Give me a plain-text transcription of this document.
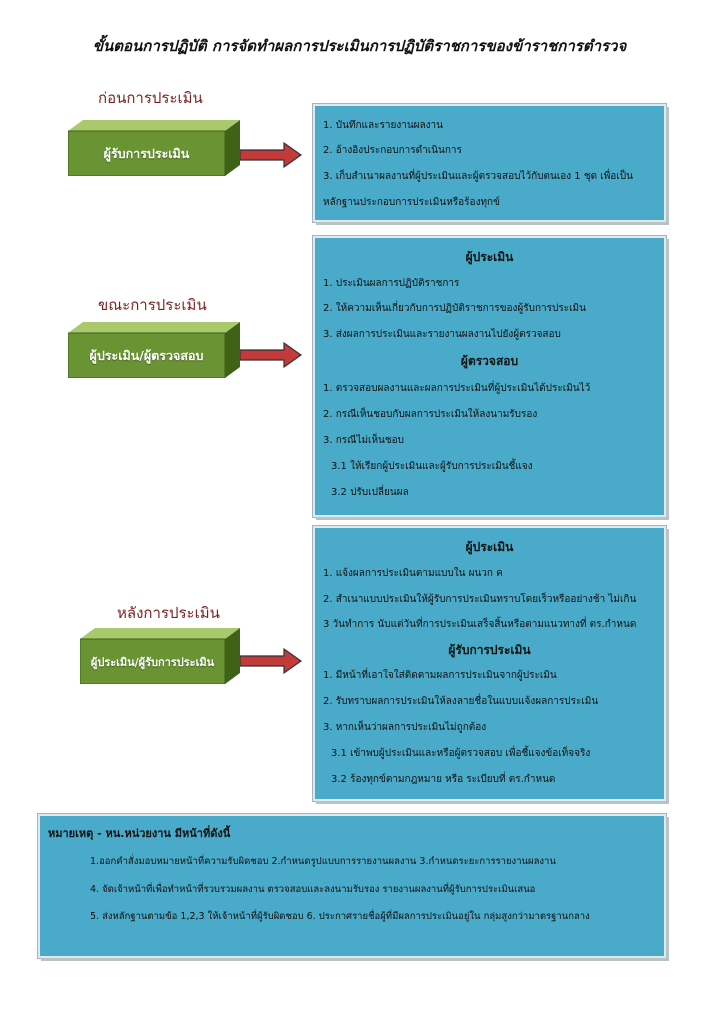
ขั้นตอนการปฏิบัติ การจัดทำผลการประเมินการปฏิบัติราชการของข้าราชการตำรวจ
ก่อนการประเมิน
ผู้รับการประเมิน
1. บันทึกและรายงานผลงาน
2. อ้างอิงประกอบการดำเนินการ
3. เก็บสำเนาผลงานที่ผู้ประเมินและผู้ตรวจสอบไว้กับตนเอง 1 ชุด เพื่อเป็น
หลักฐานประกอบการประเมินหรือร้องทุกข์
ขณะการประเมิน
ผู้ประเมิน/ผู้ตรวจสอบ
ผู้ประเมิน
1. ประเมินผลการปฏิบัติราชการ
2. ให้ความเห็นเกี่ยวกับการปฏิบัติราชการของผู้รับการประเมิน
3. ส่งผลการประเมินและรายงานผลงานไปยังผู้ตรวจสอบ
ผู้ตรวจสอบ
1. ตรวจสอบผลงานและผลการประเมินที่ผู้ประเมินได้ประเมินไว้
2. กรณีเห็นชอบกับผลการประเมินให้ลงนามรับรอง
3. กรณีไม่เห็นชอบ
3.1 ให้เรียกผู้ประเมินและผู้รับการประเมินชี้แจง
3.2 ปรับเปลี่ยนผล
หลังการประเมิน
ผู้ประเมิน/ผู้รับการประเมิน
ผู้ประเมิน
1. แจ้งผลการประเมินตามแบบใน ผนวก ค
2. สำเนาแบบประเมินให้ผู้รับการประเมินทราบโดยเร็วหรืออย่างช้า ไม่เกิน
3 วันทำการ นับแต่วันที่การประเมินเสร็จสิ้นหรือตามแนวทางที่ ตร.กำหนด
ผู้รับการประเมิน
1. มีหน้าที่เอาใจใส่ติดตามผลการประเมินจากผู้ประเมิน
2. รับทราบผลการประเมินให้ลงลายชื่อในแบบแจ้งผลการประเมิน
3. หากเห็นว่าผลการประเมินไม่ถูกต้อง
3.1 เข้าพบผู้ประเมินและหรือผู้ตรวจสอบ เพื่อชี้แจงข้อเท็จจริง
3.2 ร้องทุกข์ตามกฎหมาย หรือ ระเบียบที่ ตร.กำหนด
หมายเหตุ - หน.หน่วยงาน มีหน้าที่ดังนี้
1.ออกคำสั่งมอบหมายหน้าที่ความรับผิดชอบ 2.กำหนดรูปแบบการรายงานผลงาน 3.กำหนดระยะการรายงานผลงาน
4. จัดเจ้าหน้าที่เพื่อทำหน้าที่รวบรวมผลงาน ตรวจสอบและลงนามรับรอง รายงานผลงานที่ผู้รับการประเมินเสนอ
5. ส่งหลักฐานตามข้อ 1,2,3 ให้เจ้าหน้าที่ผู้รับผิดชอบ 6. ประกาศรายชื่อผู้ที่มีผลการประเมินอยู่ใน กลุ่มสูงกว่ามาตรฐานกลาง
